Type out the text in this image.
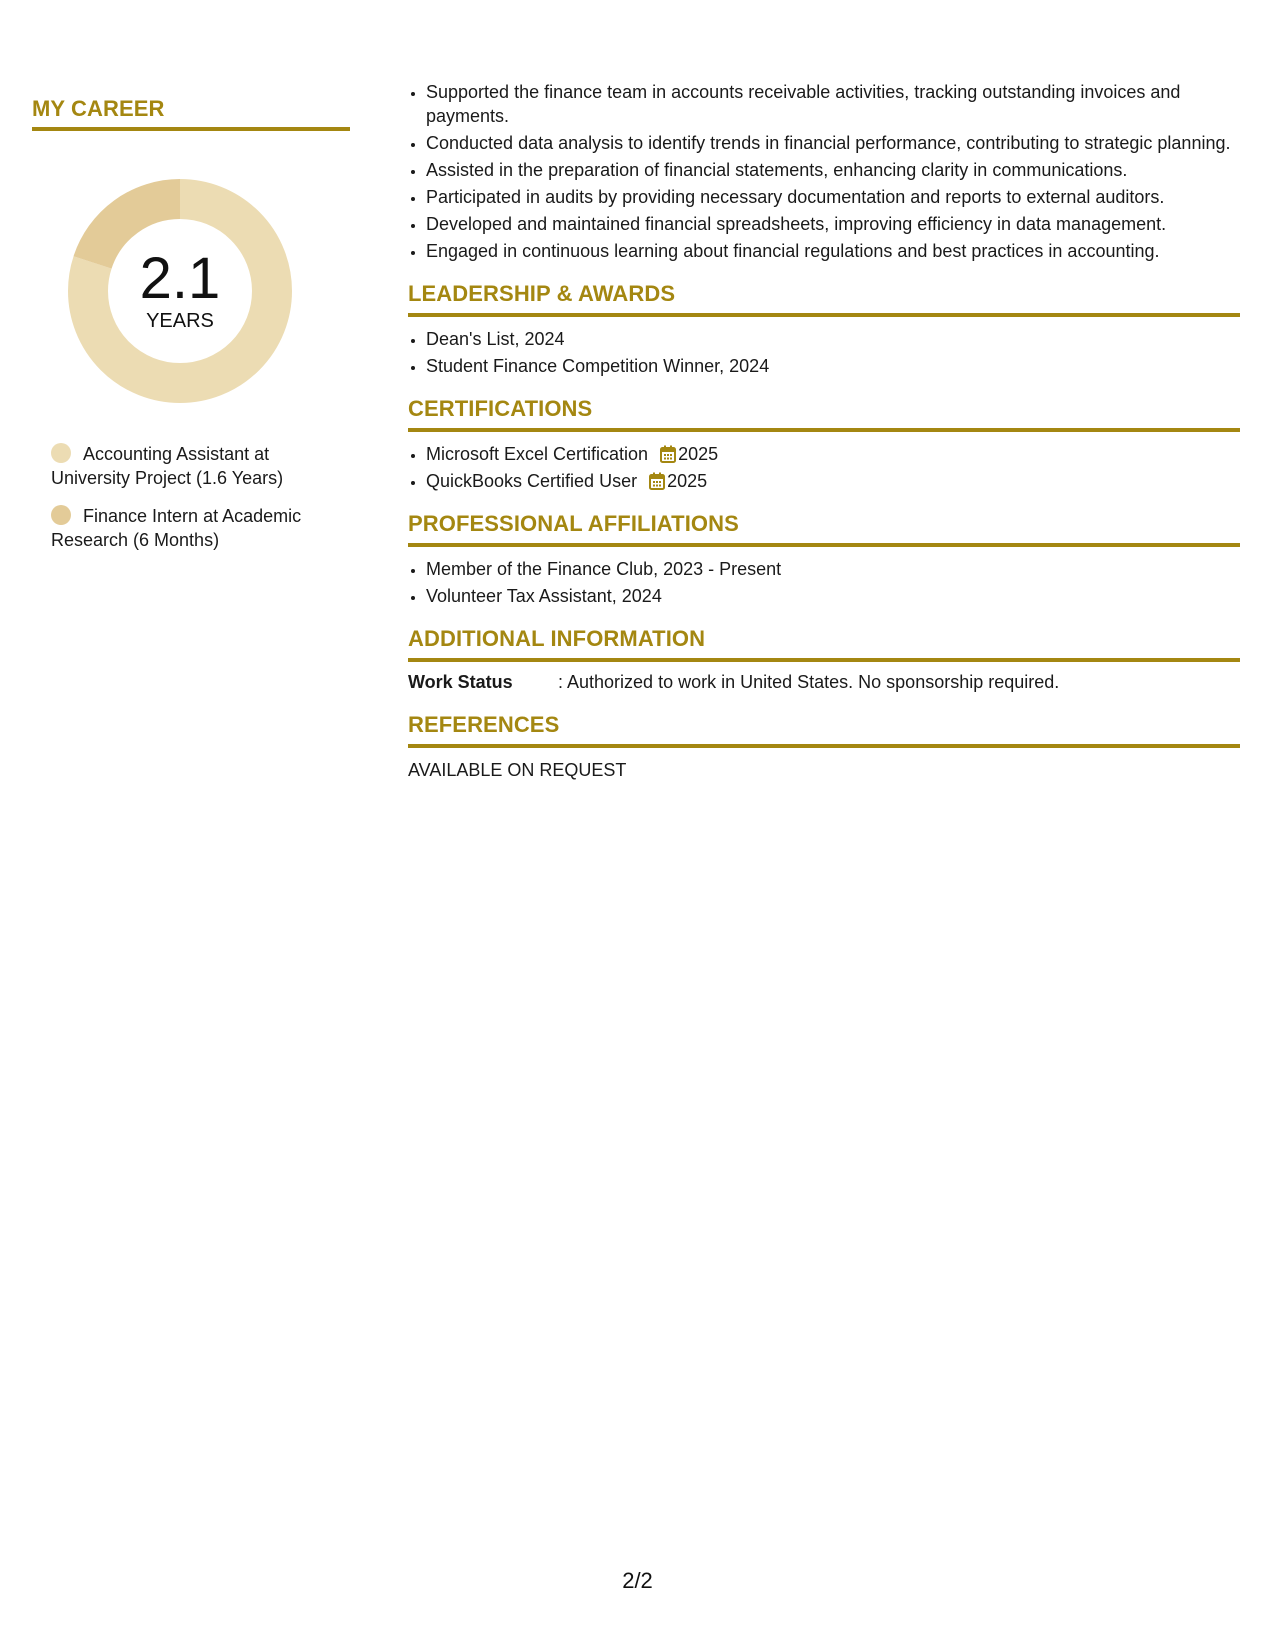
MY CAREER
2.1
YEARS
Accounting Assistant at University Project (1.6 Years)
Finance Intern at Academic Research (6 Months)
• Supported the finance team in accounts receivable activities, tracking outstanding invoices and payments.
• Conducted data analysis to identify trends in financial performance, contributing to strategic planning.
• Assisted in the preparation of financial statements, enhancing clarity in communications.
• Participated in audits by providing necessary documentation and reports to external auditors.
• Developed and maintained financial spreadsheets, improving efficiency in data management.
• Engaged in continuous learning about financial regulations and best practices in accounting.
LEADERSHIP & AWARDS
• Dean's List, 2024
• Student Finance Competition Winner, 2024
CERTIFICATIONS
• Microsoft Excel Certification 2025
• QuickBooks Certified User 2025
PROFESSIONAL AFFILIATIONS
• Member of the Finance Club, 2023 - Present
• Volunteer Tax Assistant, 2024
ADDITIONAL INFORMATION
Work Status	: Authorized to work in United States. No sponsorship required.
REFERENCES
AVAILABLE ON REQUEST
2/2
